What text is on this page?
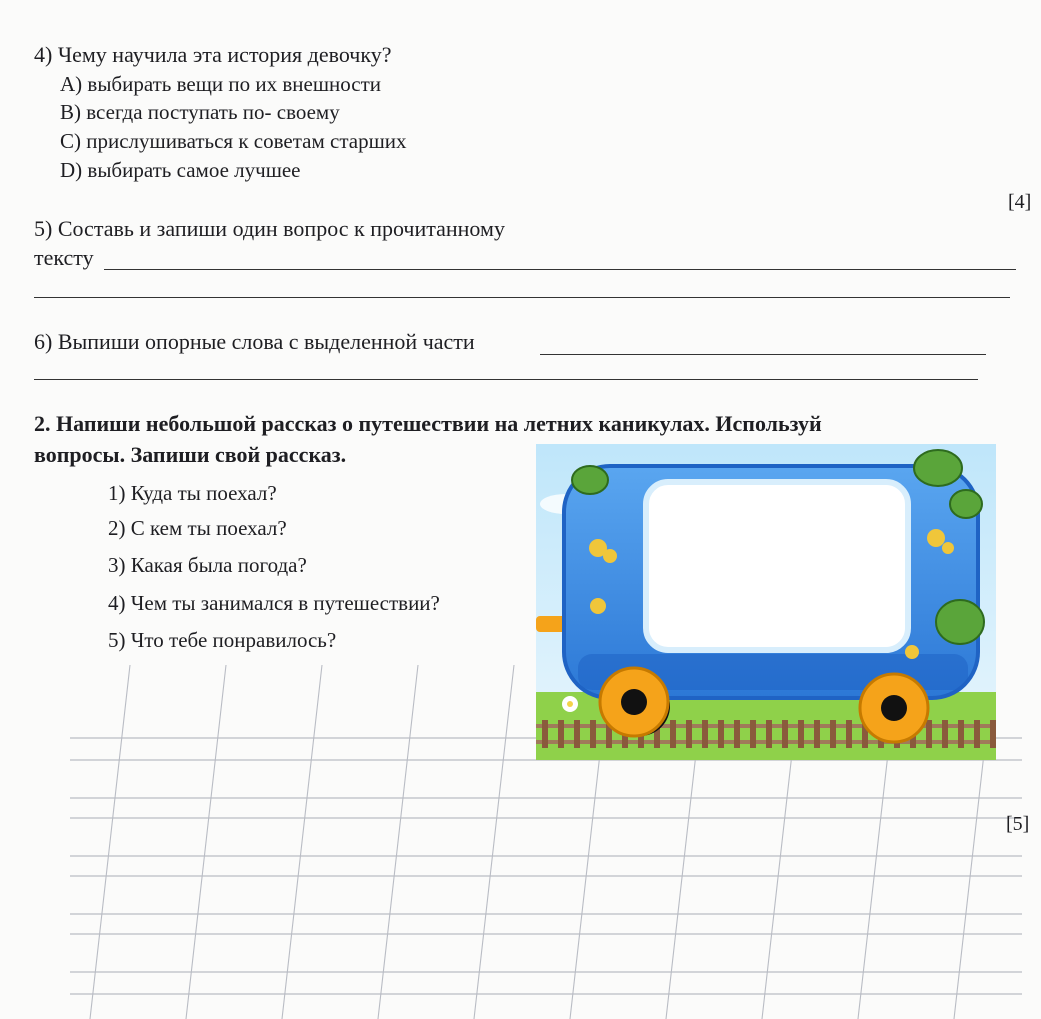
4) Чему научила эта история девочку?
A) выбирать вещи по их внешности
B) всегда поступать по- своему
C) прислушиваться к советам старших
D) выбирать самое лучшее
[4]
5) Составь и запиши один вопрос к прочитанному
тексту
6) Выпиши опорные слова с выделенной части
2. Напиши небольшой рассказ о путешествии на летних каникулах. Используй
вопросы. Запиши свой рассказ.
1) Куда ты поехал?
2) С кем ты поехал?
3) Какая была погода?
4) Чем ты занимался в путешествии?
5) Что тебе понравилось?
[5]
